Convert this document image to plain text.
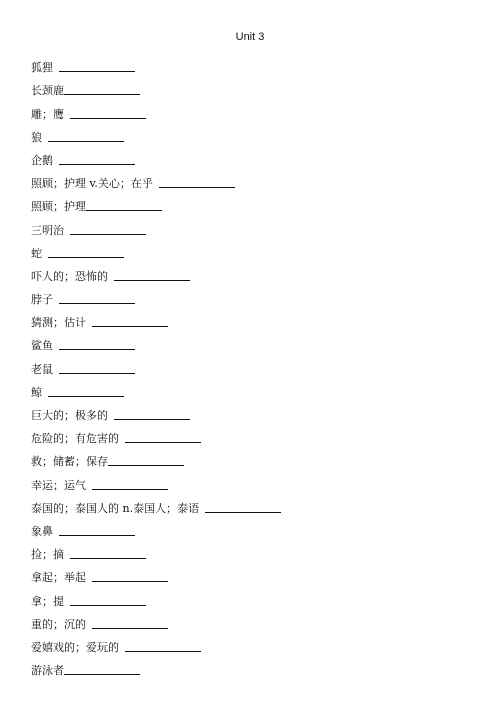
Unit 3
狐狸
长颈鹿
雕；鹰
狼
企鹅
照顾；护理 v.关心；在乎
照顾；护理
三明治
蛇
吓人的；恐怖的
脖子
猜测；估计
鲨鱼
老鼠
鲸
巨大的；极多的
危险的；有危害的
救；储蓄；保存
幸运；运气
泰国的；泰国人的 n.泰国人；泰语
象鼻
捡；摘
拿起；举起
拿；提
重的；沉的
爱嬉戏的；爱玩的
游泳者
